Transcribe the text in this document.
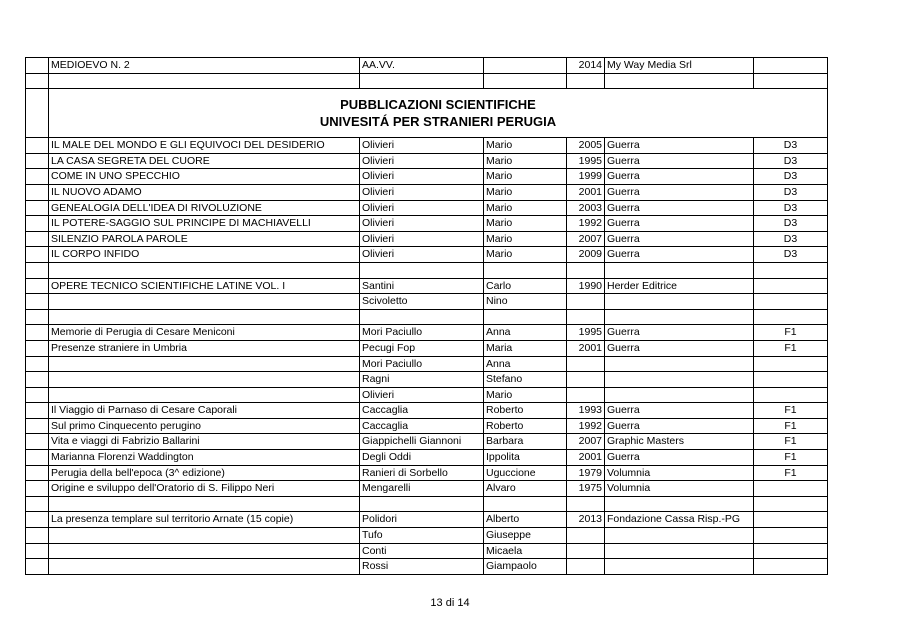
	MEDIOEVO N. 2	AA.VV.		2014	My Way Media Srl	

	PUBBLICAZIONI SCIENTIFICHE
UNIVESITÁ PER STRANIERI PERUGIA					

	IL MALE DEL MONDO E GLI EQUIVOCI DEL DESIDERIO	Olivieri	Mario	2005	Guerra	D3
	LA CASA SEGRETA DEL CUORE	Olivieri	Mario	1995	Guerra	D3
	COME IN UNO SPECCHIO	Olivieri	Mario	1999	Guerra	D3
	IL NUOVO ADAMO	Olivieri	Mario	2001	Guerra	D3
	GENEALOGIA DELL'IDEA DI RIVOLUZIONE	Olivieri	Mario	2003	Guerra	D3
	IL POTERE-SAGGIO SUL PRINCIPE DI MACHIAVELLI	Olivieri	Mario	1992	Guerra	D3
	SILENZIO PAROLA PAROLE	Olivieri	Mario	2007	Guerra	D3
	IL CORPO INFIDO	Olivieri	Mario	2009	Guerra	D3

	OPERE TECNICO SCIENTIFICHE LATINE VOL. I	Santini	Carlo	1990	Herder Editrice	
		Scivoletto	Nino			

	Memorie di Perugia di Cesare Meniconi	Mori Paciullo	Anna	1995	Guerra	F1
	Presenze straniere in Umbria	Pecugi Fop	Maria	2001	Guerra	F1
		Mori Paciullo	Anna			
		Ragni	Stefano			
		Olivieri	Mario			
	Il Viaggio di Parnaso di Cesare Caporali	Caccaglia	Roberto	1993	Guerra	F1
	Sul primo Cinquecento perugino	Caccaglia	Roberto	1992	Guerra	F1
	Vita e viaggi di Fabrizio Ballarini	Giappichelli Giannoni	Barbara	2007	Graphic Masters	F1
	Marianna Florenzi Waddington	Degli Oddi	Ippolita	2001	Guerra	F1
	Perugia della bell'epoca (3^ edizione)	Ranieri di Sorbello	Uguccione	1979	Volumnia	F1
	Origine e sviluppo dell'Oratorio di S. Filippo Neri	Mengarelli	Alvaro	1975	Volumnia	

	La presenza templare sul territorio Arnate (15 copie)	Polidori	Alberto	2013	Fondazione Cassa Risp.-PG	
		Tufo	Giuseppe			
		Conti	Micaela			
		Rossi	Giampaolo			
13 di 14
